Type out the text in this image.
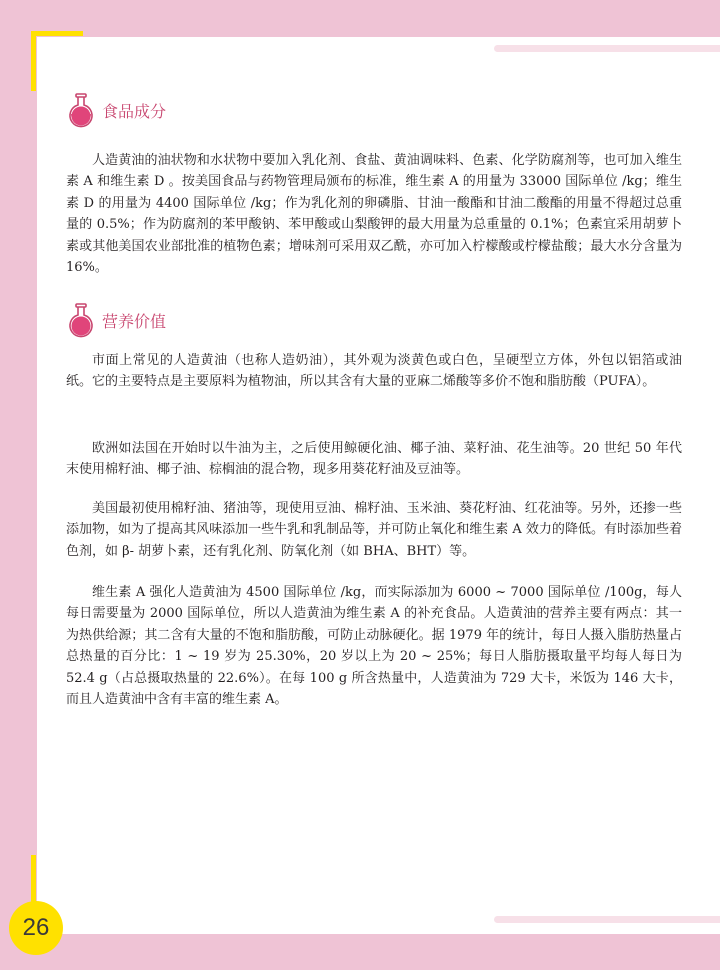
食品成分

人造黄油的油状物和水状物中要加入乳化剂、食盐、黄油调味料、色素、化学防腐剂等，也可加入维生素 A 和维生素 D 。按美国食品与药物管理局颁布的标准，维生素 A 的用量为 33000 国际单位 /kg；维生素 D 的用量为 4400 国际单位 /kg；作为乳化剂的卵磷脂、甘油一酸酯和甘油二酸酯的用量不得超过总重量的 0.5%；作为防腐剂的苯甲酸钠、苯甲酸或山梨酸钾的最大用量为总重量的 0.1%；色素宜采用胡萝卜素或其他美国农业部批准的植物色素；增味剂可采用双乙酰，亦可加入柠檬酸或柠檬盐酸；最大水分含量为 16%。

营养价值

市面上常见的人造黄油（也称人造奶油），其外观为淡黄色或白色，呈硬型立方体，外包以铝箔或油纸。它的主要特点是主要原料为植物油，所以其含有大量的亚麻二烯酸等多价不饱和脂肪酸（PUFA）。

欧洲如法国在开始时以牛油为主，之后使用鲸硬化油、椰子油、菜籽油、花生油等。20 世纪 50 年代末使用棉籽油、椰子油、棕榈油的混合物，现多用葵花籽油及豆油等。

美国最初使用棉籽油、猪油等，现使用豆油、棉籽油、玉米油、葵花籽油、红花油等。另外，还掺一些添加物，如为了提高其风味添加一些牛乳和乳制品等，并可防止氧化和维生素 A 效力的降低。有时添加些着色剂，如 β- 胡萝卜素，还有乳化剂、防氧化剂（如 BHA、BHT）等。

维生素 A 强化人造黄油为 4500 国际单位 /kg，而实际添加为 6000 ~ 7000 国际单位 /100g，每人每日需要量为 2000 国际单位，所以人造黄油为维生素 A 的补充食品。人造黄油的营养主要有两点：其一为热供给源；其二含有大量的不饱和脂肪酸，可防止动脉硬化。据 1979 年的统计，每日人摄入脂肪热量占总热量的百分比：1 ~ 19 岁为 25.30%，20 岁以上为 20 ~ 25%；每日人脂肪摄取量平均每人每日为 52.4 g（占总摄取热量的 22.6%）。在每 100 g 所含热量中，人造黄油为 729 大卡，米饭为 146 大卡，而且人造黄油中含有丰富的维生素 A。

26
